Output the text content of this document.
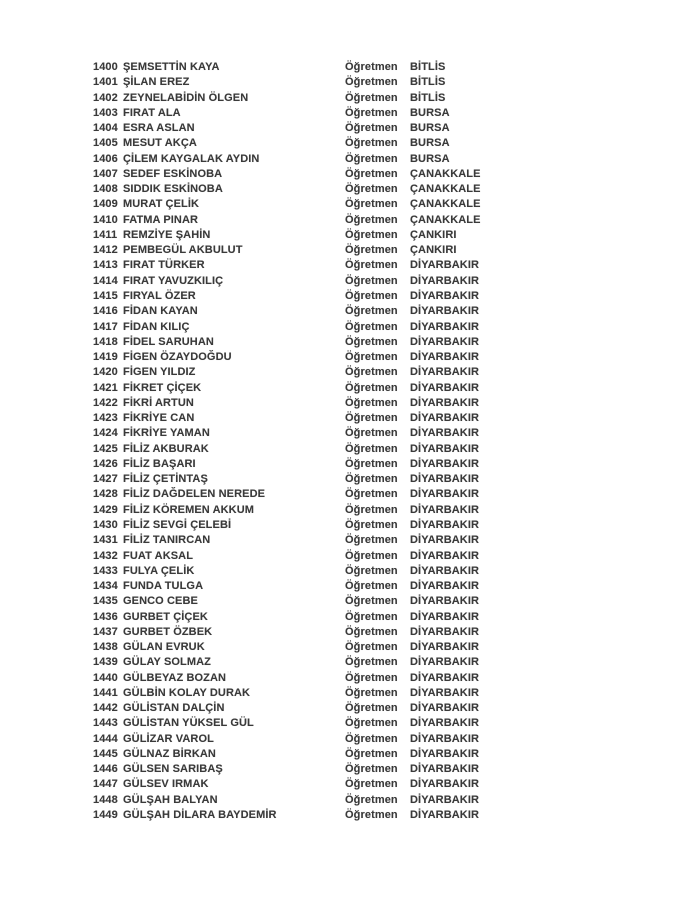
1400 ŞEMSETTİN KAYA	Öğretmen	BİTLİS
1401 ŞİLAN EREZ	Öğretmen	BİTLİS
1402 ZEYNELABİDİN ÖLGEN	Öğretmen	BİTLİS
1403 FIRAT ALA	Öğretmen	BURSA
1404 ESRA ASLAN	Öğretmen	BURSA
1405 MESUT AKÇA	Öğretmen	BURSA
1406 ÇİLEM KAYGALAK AYDIN	Öğretmen	BURSA
1407 SEDEF ESKİNOBA	Öğretmen	ÇANAKKALE
1408 SIDDIK ESKİNOBA	Öğretmen	ÇANAKKALE
1409 MURAT ÇELİK	Öğretmen	ÇANAKKALE
1410 FATMA PINAR	Öğretmen	ÇANAKKALE
1411 REMZİYE ŞAHİN	Öğretmen	ÇANKIRI
1412 PEMBEGÜL AKBULUT	Öğretmen	ÇANKIRI
1413 FIRAT TÜRKER	Öğretmen	DİYARBAKIR
1414 FIRAT YAVUZKILIÇ	Öğretmen	DİYARBAKIR
1415 FIRYAL ÖZER	Öğretmen	DİYARBAKIR
1416 FİDAN KAYAN	Öğretmen	DİYARBAKIR
1417 FİDAN KILIÇ	Öğretmen	DİYARBAKIR
1418 FİDEL SARUHAN	Öğretmen	DİYARBAKIR
1419 FİGEN ÖZAYDOĞDU	Öğretmen	DİYARBAKIR
1420 FİGEN YILDIZ	Öğretmen	DİYARBAKIR
1421 FİKRET ÇİÇEK	Öğretmen	DİYARBAKIR
1422 FİKRİ ARTUN	Öğretmen	DİYARBAKIR
1423 FİKRİYE CAN	Öğretmen	DİYARBAKIR
1424 FİKRİYE YAMAN	Öğretmen	DİYARBAKIR
1425 FİLİZ AKBURAK	Öğretmen	DİYARBAKIR
1426 FİLİZ BAŞARI	Öğretmen	DİYARBAKIR
1427 FİLİZ ÇETİNTAŞ	Öğretmen	DİYARBAKIR
1428 FİLİZ DAĞDELEN NEREDE	Öğretmen	DİYARBAKIR
1429 FİLİZ KÖREMEN AKKUM	Öğretmen	DİYARBAKIR
1430 FİLİZ SEVGİ ÇELEBİ	Öğretmen	DİYARBAKIR
1431 FİLİZ TANIRCAN	Öğretmen	DİYARBAKIR
1432 FUAT AKSAL	Öğretmen	DİYARBAKIR
1433 FULYA ÇELİK	Öğretmen	DİYARBAKIR
1434 FUNDA TULGA	Öğretmen	DİYARBAKIR
1435 GENCO CEBE	Öğretmen	DİYARBAKIR
1436 GURBET ÇİÇEK	Öğretmen	DİYARBAKIR
1437 GURBET ÖZBEK	Öğretmen	DİYARBAKIR
1438 GÜLAN EVRUK	Öğretmen	DİYARBAKIR
1439 GÜLAY SOLMAZ	Öğretmen	DİYARBAKIR
1440 GÜLBEYAZ BOZAN	Öğretmen	DİYARBAKIR
1441 GÜLBİN KOLAY DURAK	Öğretmen	DİYARBAKIR
1442 GÜLİSTAN DALÇİN	Öğretmen	DİYARBAKIR
1443 GÜLİSTAN YÜKSEL GÜL	Öğretmen	DİYARBAKIR
1444 GÜLİZAR VAROL	Öğretmen	DİYARBAKIR
1445 GÜLNAZ BİRKAN	Öğretmen	DİYARBAKIR
1446 GÜLSEN SARIBAŞ	Öğretmen	DİYARBAKIR
1447 GÜLSEV IRMAK	Öğretmen	DİYARBAKIR
1448 GÜLŞAH BALYAN	Öğretmen	DİYARBAKIR
1449 GÜLŞAH DİLARA BAYDEMİR	Öğretmen	DİYARBAKIR
